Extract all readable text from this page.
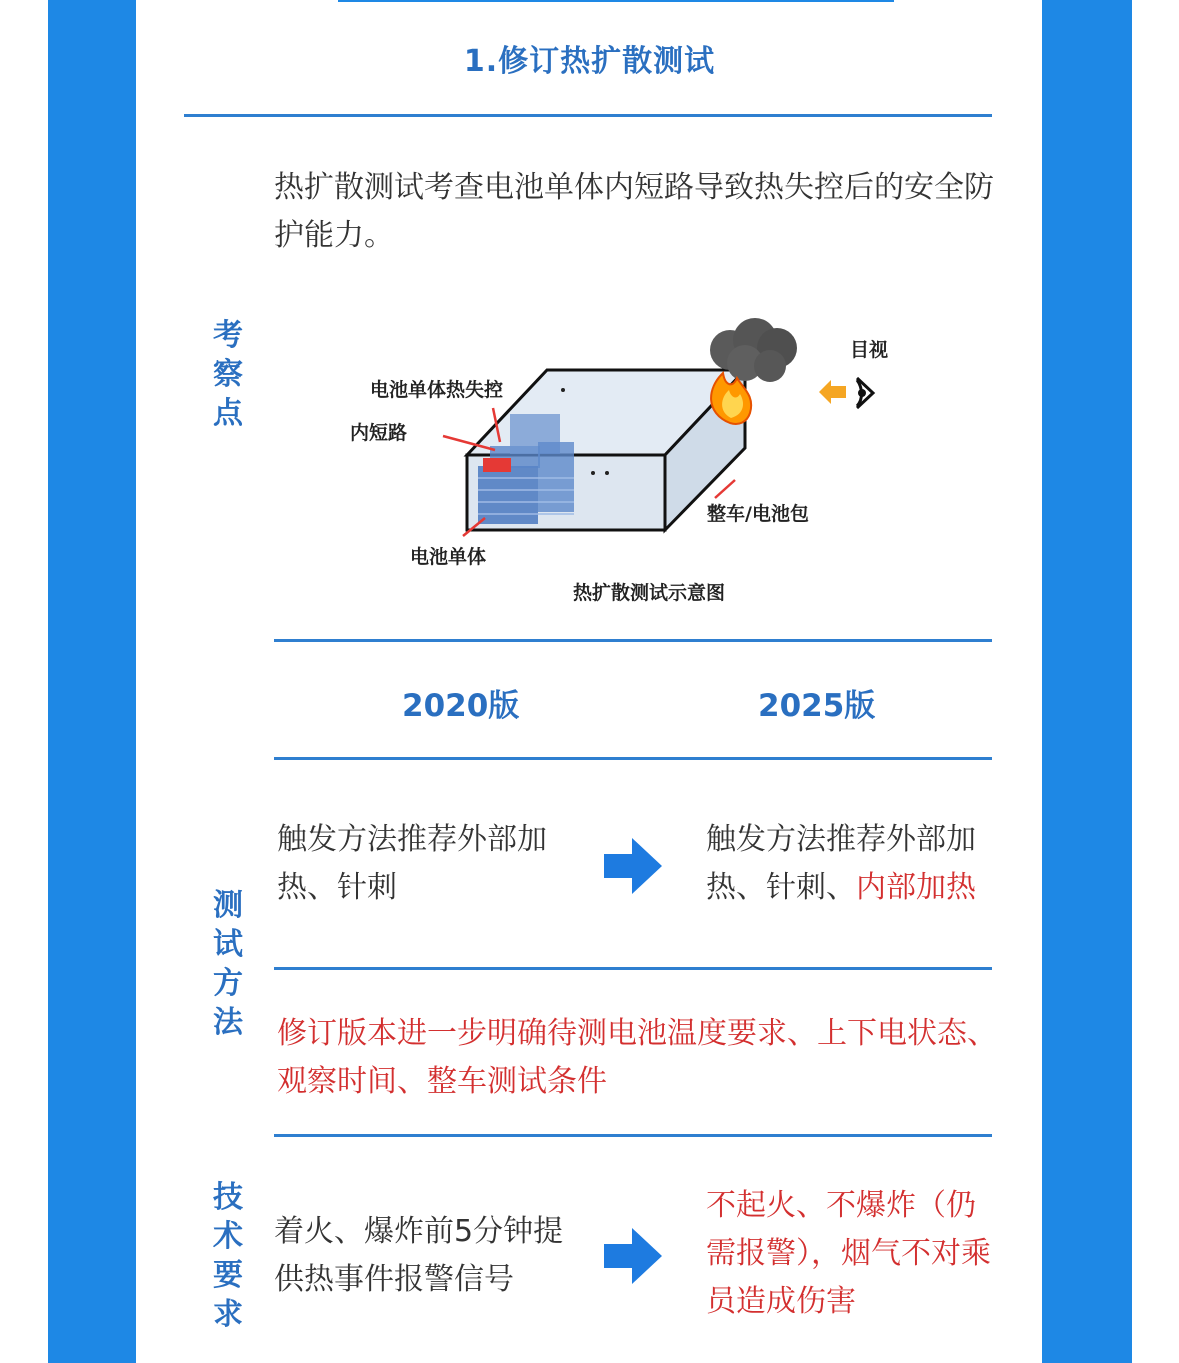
1.修订热扩散测试
热扩散测试考查电池单体内短路导致热失控后的安全防护能力。
考察点
电池单体热失控
内短路
电池单体
整车/电池包
目视
热扩散测试示意图
2020版	2025版
测试方法
触发方法推荐外部加热、针刺
触发方法推荐外部加热、针刺、内部加热
修订版本进一步明确待测电池温度要求、上下电状态、观察时间、整车测试条件
技术要求
着火、爆炸前5分钟提供热事件报警信号
不起火、不爆炸（仍需报警），烟气不对乘员造成伤害
